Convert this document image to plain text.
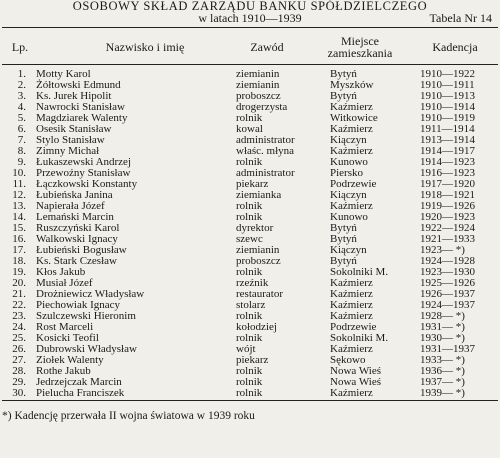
OSOBOWY SKŁAD ZARZĄDU BANKU SPÓŁDZIELCZEGO
w latach 1910—1939	Tabela Nr 14
Lp.	Nazwisko i imię	Zawód	Miejsce
zamieszkania	Kadencja
1. Motty Karol	ziemianin	Bytyń	1910—1922
2. Żółtowski Edmund	ziemianin	Myszków	1910—1911
3. Ks. Jurek Hipolit	proboszcz	Bytyń	1910—1913
4. Nawrocki Stanisław	drogerzysta	Kaźmierz	1910—1914
5. Magdziarek Walenty	rolnik	Witkowice	1910—1919
6. Osesik Stanisław	kowal	Kaźmierz	1911—1914
7. Stylo Stanisław	administrator	Kiączyn	1913—1914
8. Zimny Michał	właśc. młyna	Kaźmierz	1914—1917
9. Łukaszewski Andrzej	rolnik	Kunowo	1914—1923
10. Przewoźny Stanisław	administrator	Piersko	1916—1923
11. Łączkowski Konstanty	piekarz	Podrzewie	1917—1920
12. Łubieńska Janina	ziemianka	Kiączyn	1918—1921
13. Napierała Józef	rolnik	Kaźmierz	1919—1926
14. Lemański Marcin	rolnik	Kunowo	1920—1923
15. Ruszczyński Karol	dyrektor	Bytyń	1922—1924
16. Walkowski Ignacy	szewc	Bytyń	1921—1933
17. Łubieński Bogusław	ziemianin	Kiączyn	1923— *)
18. Ks. Stark Czesław	proboszcz	Bytyń	1924—1928
19. Kłos Jakub	rolnik	Sokolniki M.	1923—1930
20. Musiał Józef	rzeźnik	Kaźmierz	1925—1926
21. Drożniewicz Władysław	restaurator	Kaźmierz	1926—1937
22. Piechowiak Ignacy	stolarz	Kaźmierz	1924—1937
23. Szulczewski Hieronim	rolnik	Kaźmierz	1928— *)
24. Rost Marceli	kołodziej	Podrzewie	1931— *)
25. Kosicki Teofil	rolnik	Sokolniki M.	1930— *)
26. Dubrowski Władysław	wójt	Kaźmierz	1931—1937
27. Ziołek Walenty	piekarz	Sękowo	1933— *)
28. Rothe Jakub	rolnik	Nowa Wieś	1936— *)
29. Jedrzejczak Marcin	rolnik	Nowa Wieś	1937— *)
30. Pielucha Franciszek	rolnik	Kaźmierz	1939— *)
*) Kadencję przerwała II wojna światowa w 1939 roku
